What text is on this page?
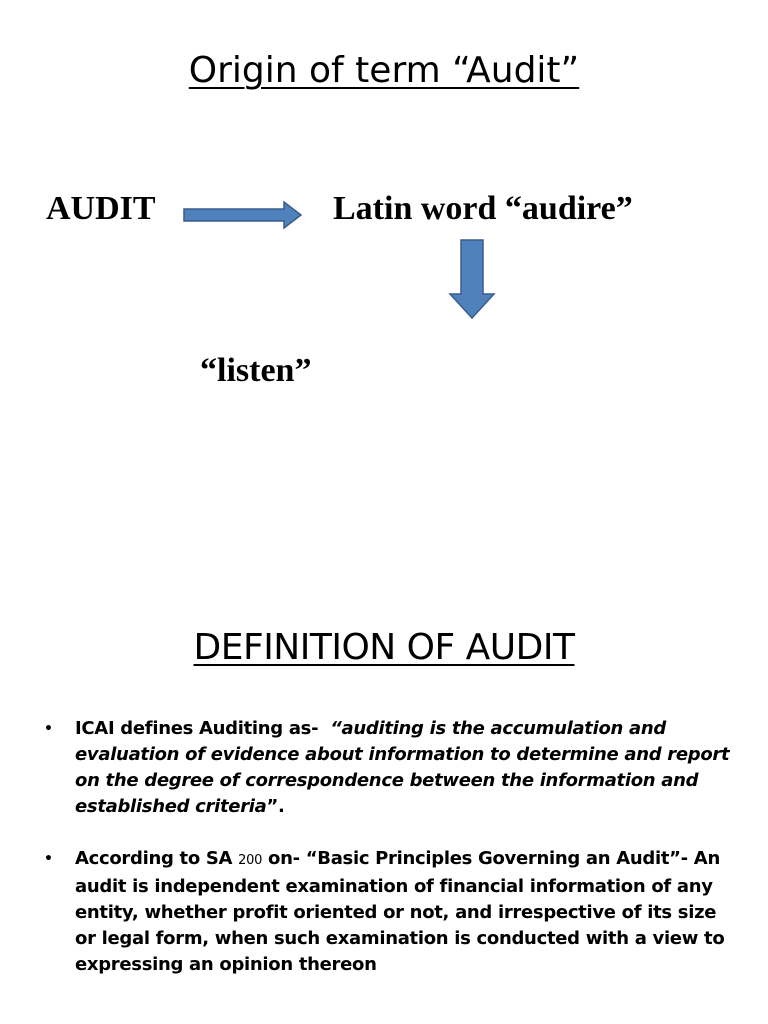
Origin of term “Audit”
AUDIT	Latin word “audire”
“listen”
DEFINITION OF AUDIT
• ICAI defines Auditing as- “auditing is the accumulation and evaluation of evidence about information to determine and report on the degree of correspondence between the information and established criteria”.
• According to SA 200 on- “Basic Principles Governing an Audit”- An audit is independent examination of financial information of any entity, whether profit oriented or not, and irrespective of its size or legal form, when such examination is conducted with a view to expressing an opinion thereon
